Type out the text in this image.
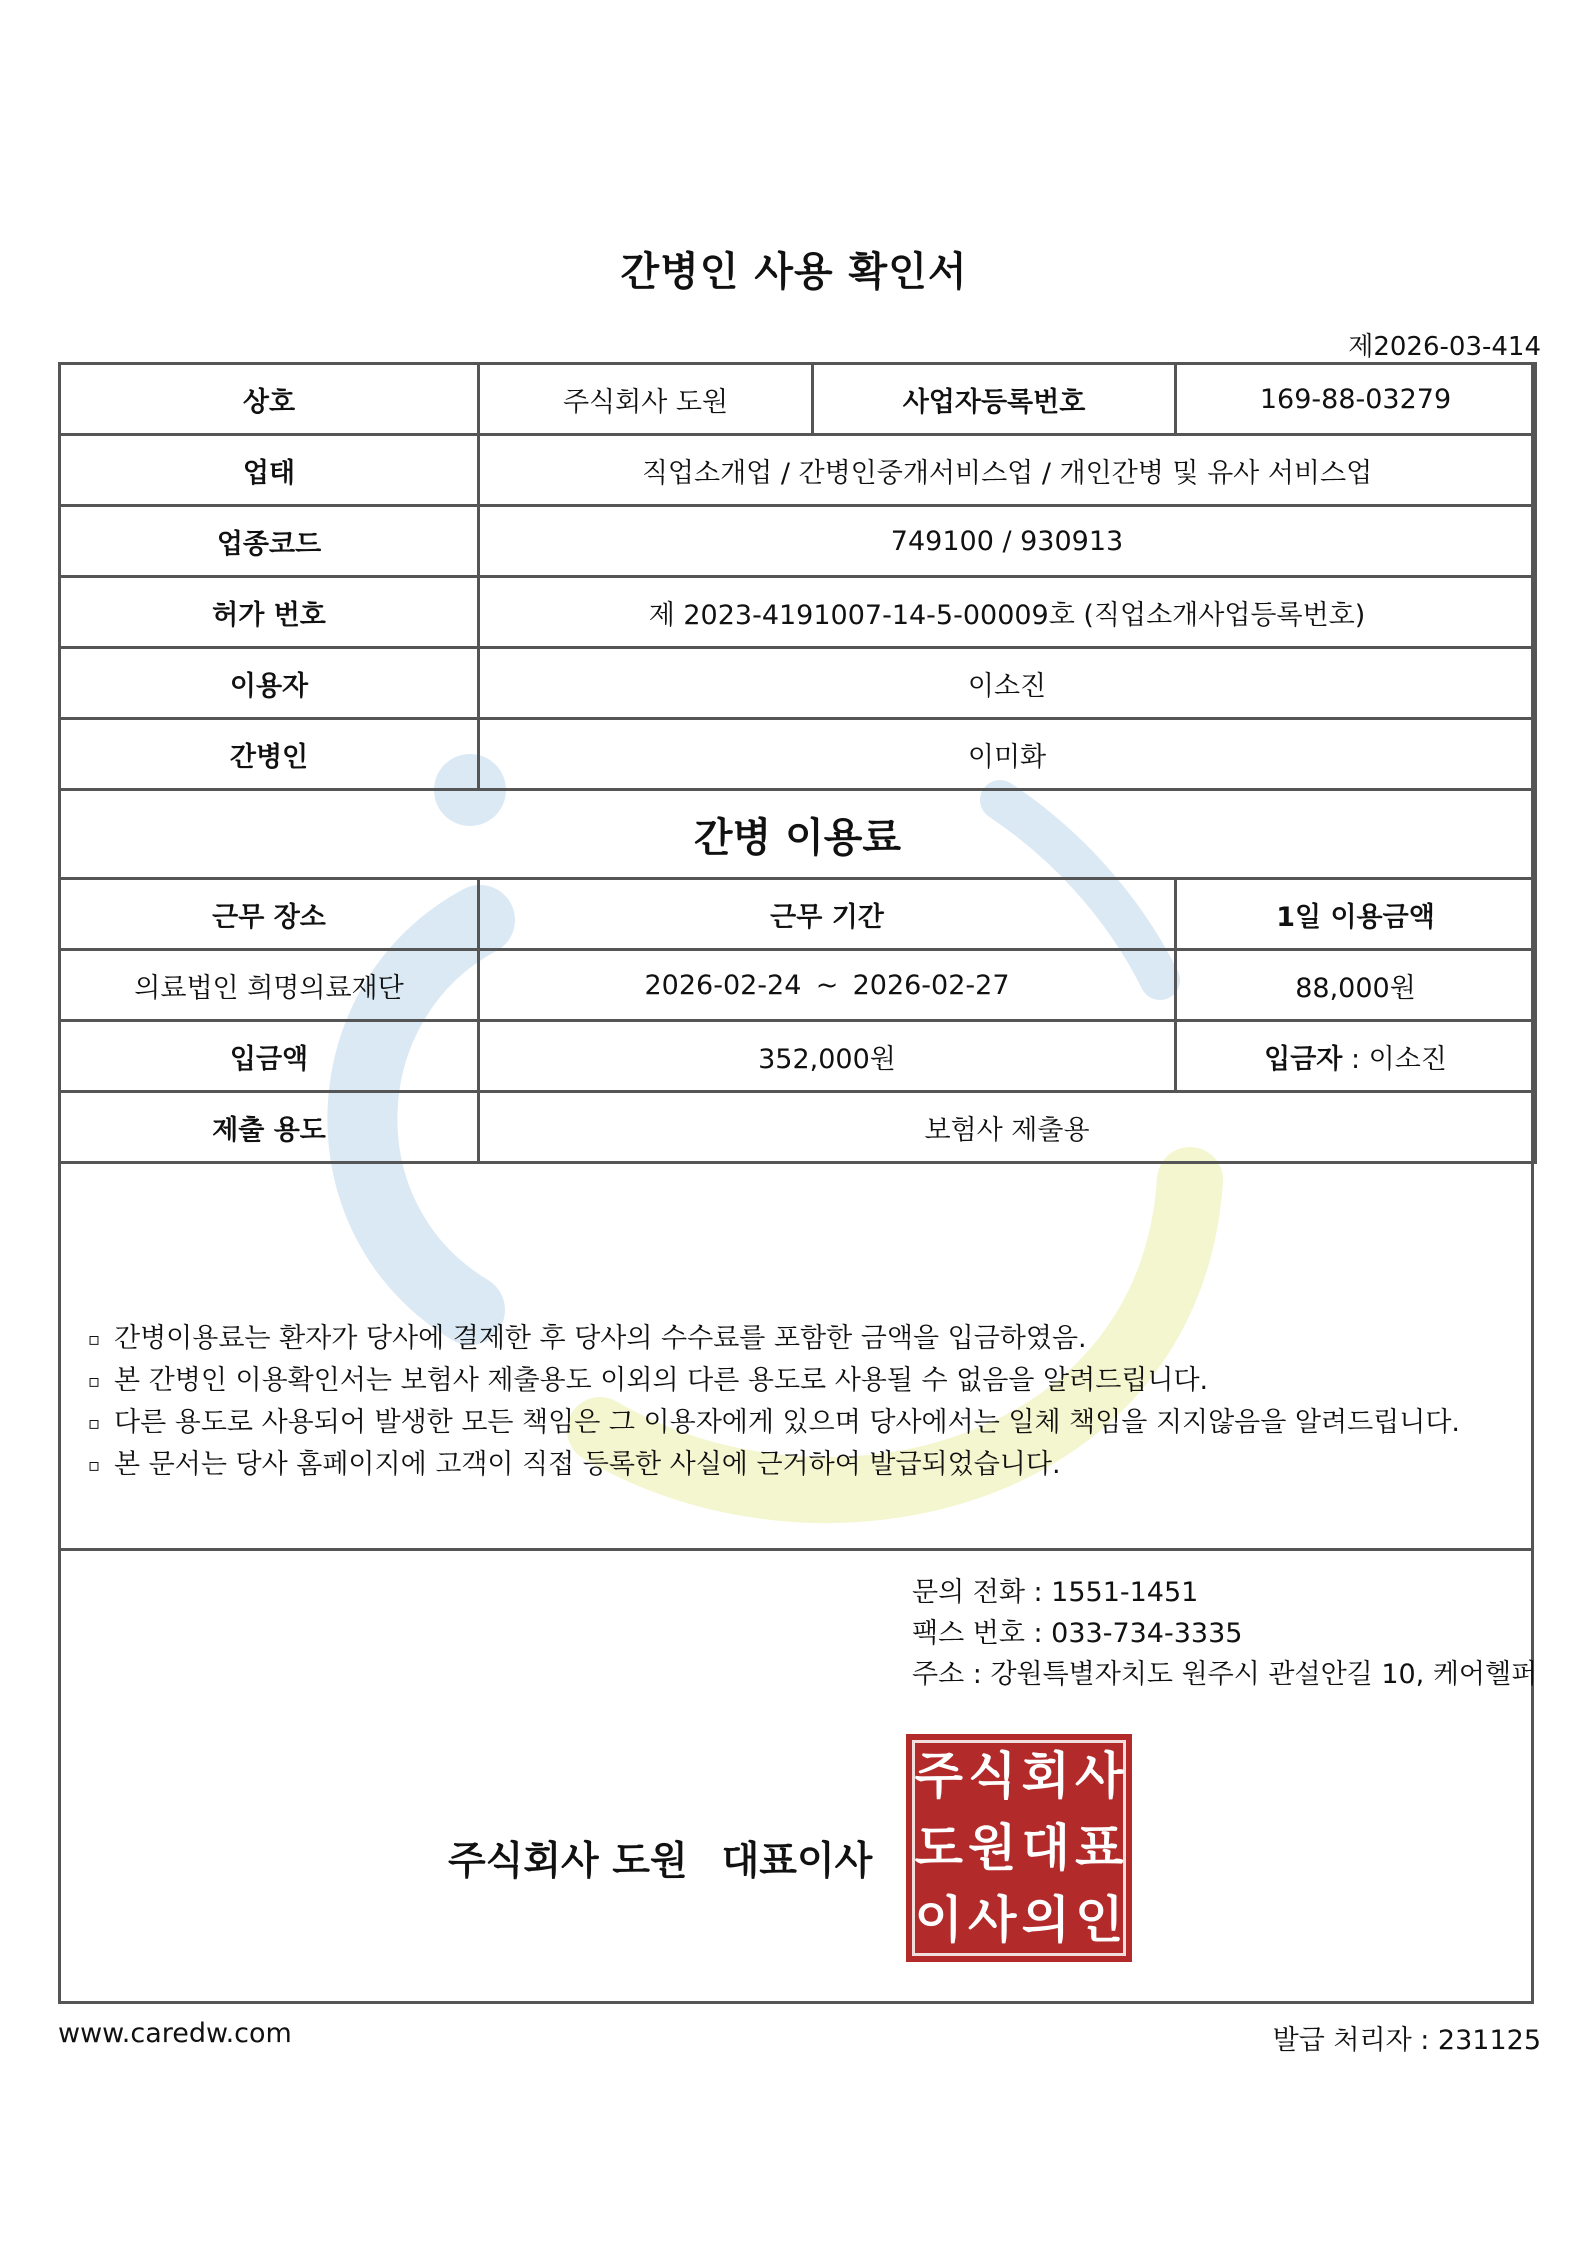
간병인 사용 확인서
제2026-03-414
상호	주식회사 도원	사업자등록번호	169-88-03279
업태	직업소개업 / 간병인중개서비스업 / 개인간병 및 유사 서비스업		
업종코드	749100 / 930913		
허가 번호	제 2023-4191007-14-5-00009호 (직업소개사업등록번호)		
이용자	이소진		
간병인	이미화		
간병 이용료			
근무 장소	근무 기간		1일 이용금액
의료법인 희명의료재단	2026-02-24 ~ 2026-02-27		88,000원
입금액	352,000원		입금자 : 이소진
제출 용도	보험사 제출용		
▫ 간병이용료는 환자가 당사에 결제한 후 당사의 수수료를 포함한 금액을 입금하였음.
▫ 본 간병인 이용확인서는 보험사 제출용도 이외의 다른 용도로 사용될 수 없음을 알려드립니다.
▫ 다른 용도로 사용되어 발생한 모든 책임은 그 이용자에게 있으며 당사에서는 일체 책임을 지지않음을 알려드립니다.
▫ 본 문서는 당사 홈페이지에 고객이 직접 등록한 사실에 근거하여 발급되었습니다.
문의 전화 : 1551-1451
팩스 번호 : 033-734-3335
주소 : 강원특별자치도 원주시 관설안길 10, 케어헬퍼
주식회사 도원 대표이사
주 식 회 사
도 원 대 표
이 사 의 인
www.caredw.com	발급 처리자 : 231125
